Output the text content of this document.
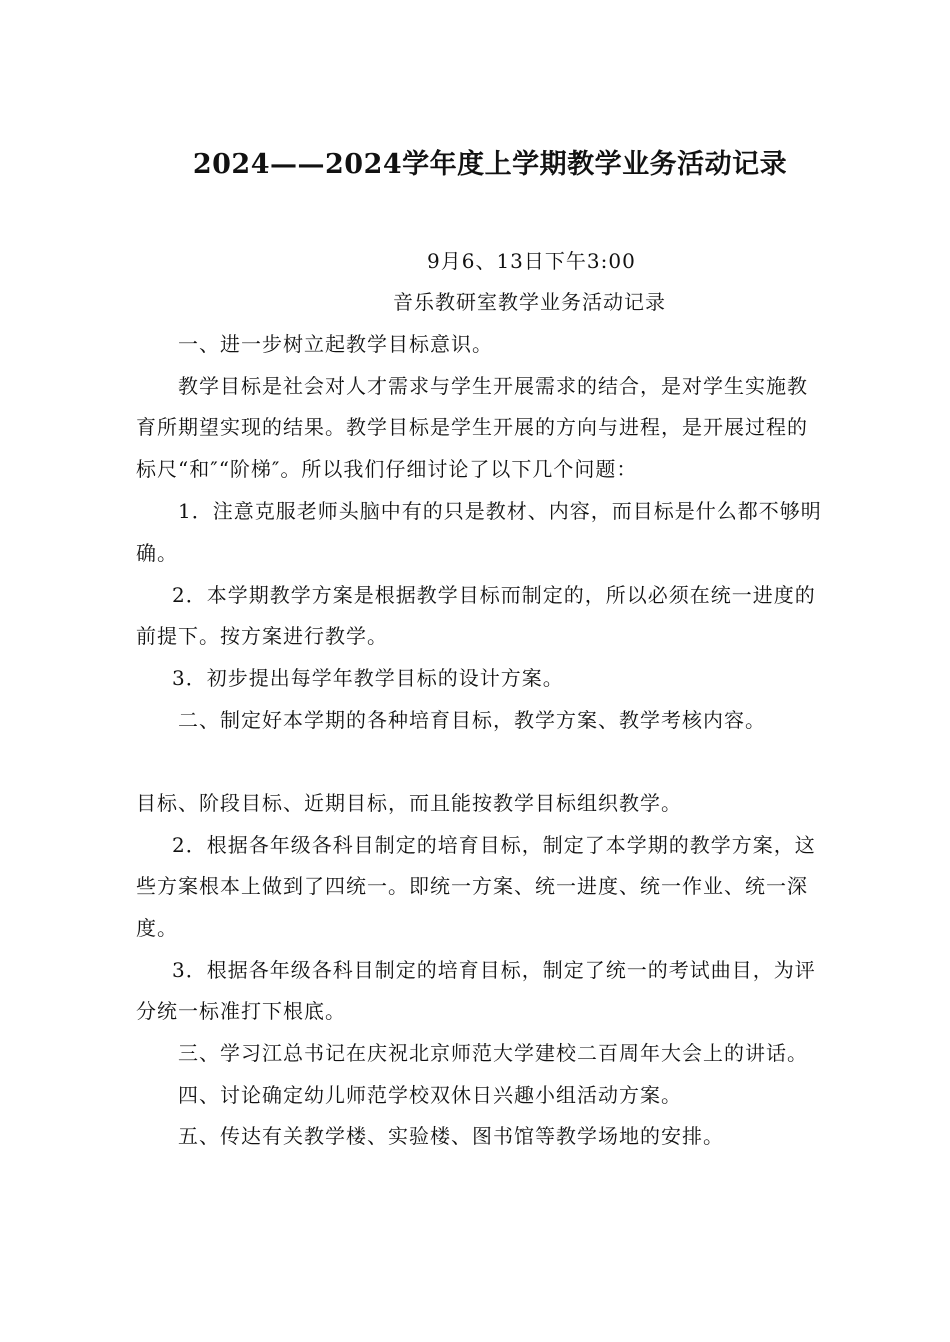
2024——2024学年度上学期教学业务活动记录
9月6、13日下午3:00
音乐教研室教学业务活动记录
一、进一步树立起教学目标意识。
教学目标是社会对人才需求与学生开展需求的结合，是对学生实施教
育所期望实现的结果。教学目标是学生开展的方向与进程，是开展过程的
标尺“和″“阶梯″。所以我们仔细讨论了以下几个问题：
1．注意克服老师头脑中有的只是教材、内容，而目标是什么都不够明
确。
2．本学期教学方案是根据教学目标而制定的，所以必须在统一进度的
前提下。按方案进行教学。
3．初步提出每学年教学目标的设计方案。
二、制定好本学期的各种培育目标，教学方案、教学考核内容。
目标、阶段目标、近期目标，而且能按教学目标组织教学。
2．根据各年级各科目制定的培育目标，制定了本学期的教学方案，这
些方案根本上做到了四统一。即统一方案、统一进度、统一作业、统一深
度。
3．根据各年级各科目制定的培育目标，制定了统一的考试曲目，为评
分统一标准打下根底。
三、学习江总书记在庆祝北京师范大学建校二百周年大会上的讲话。
四、讨论确定幼儿师范学校双休日兴趣小组活动方案。
五、传达有关教学楼、实验楼、图书馆等教学场地的安排。
